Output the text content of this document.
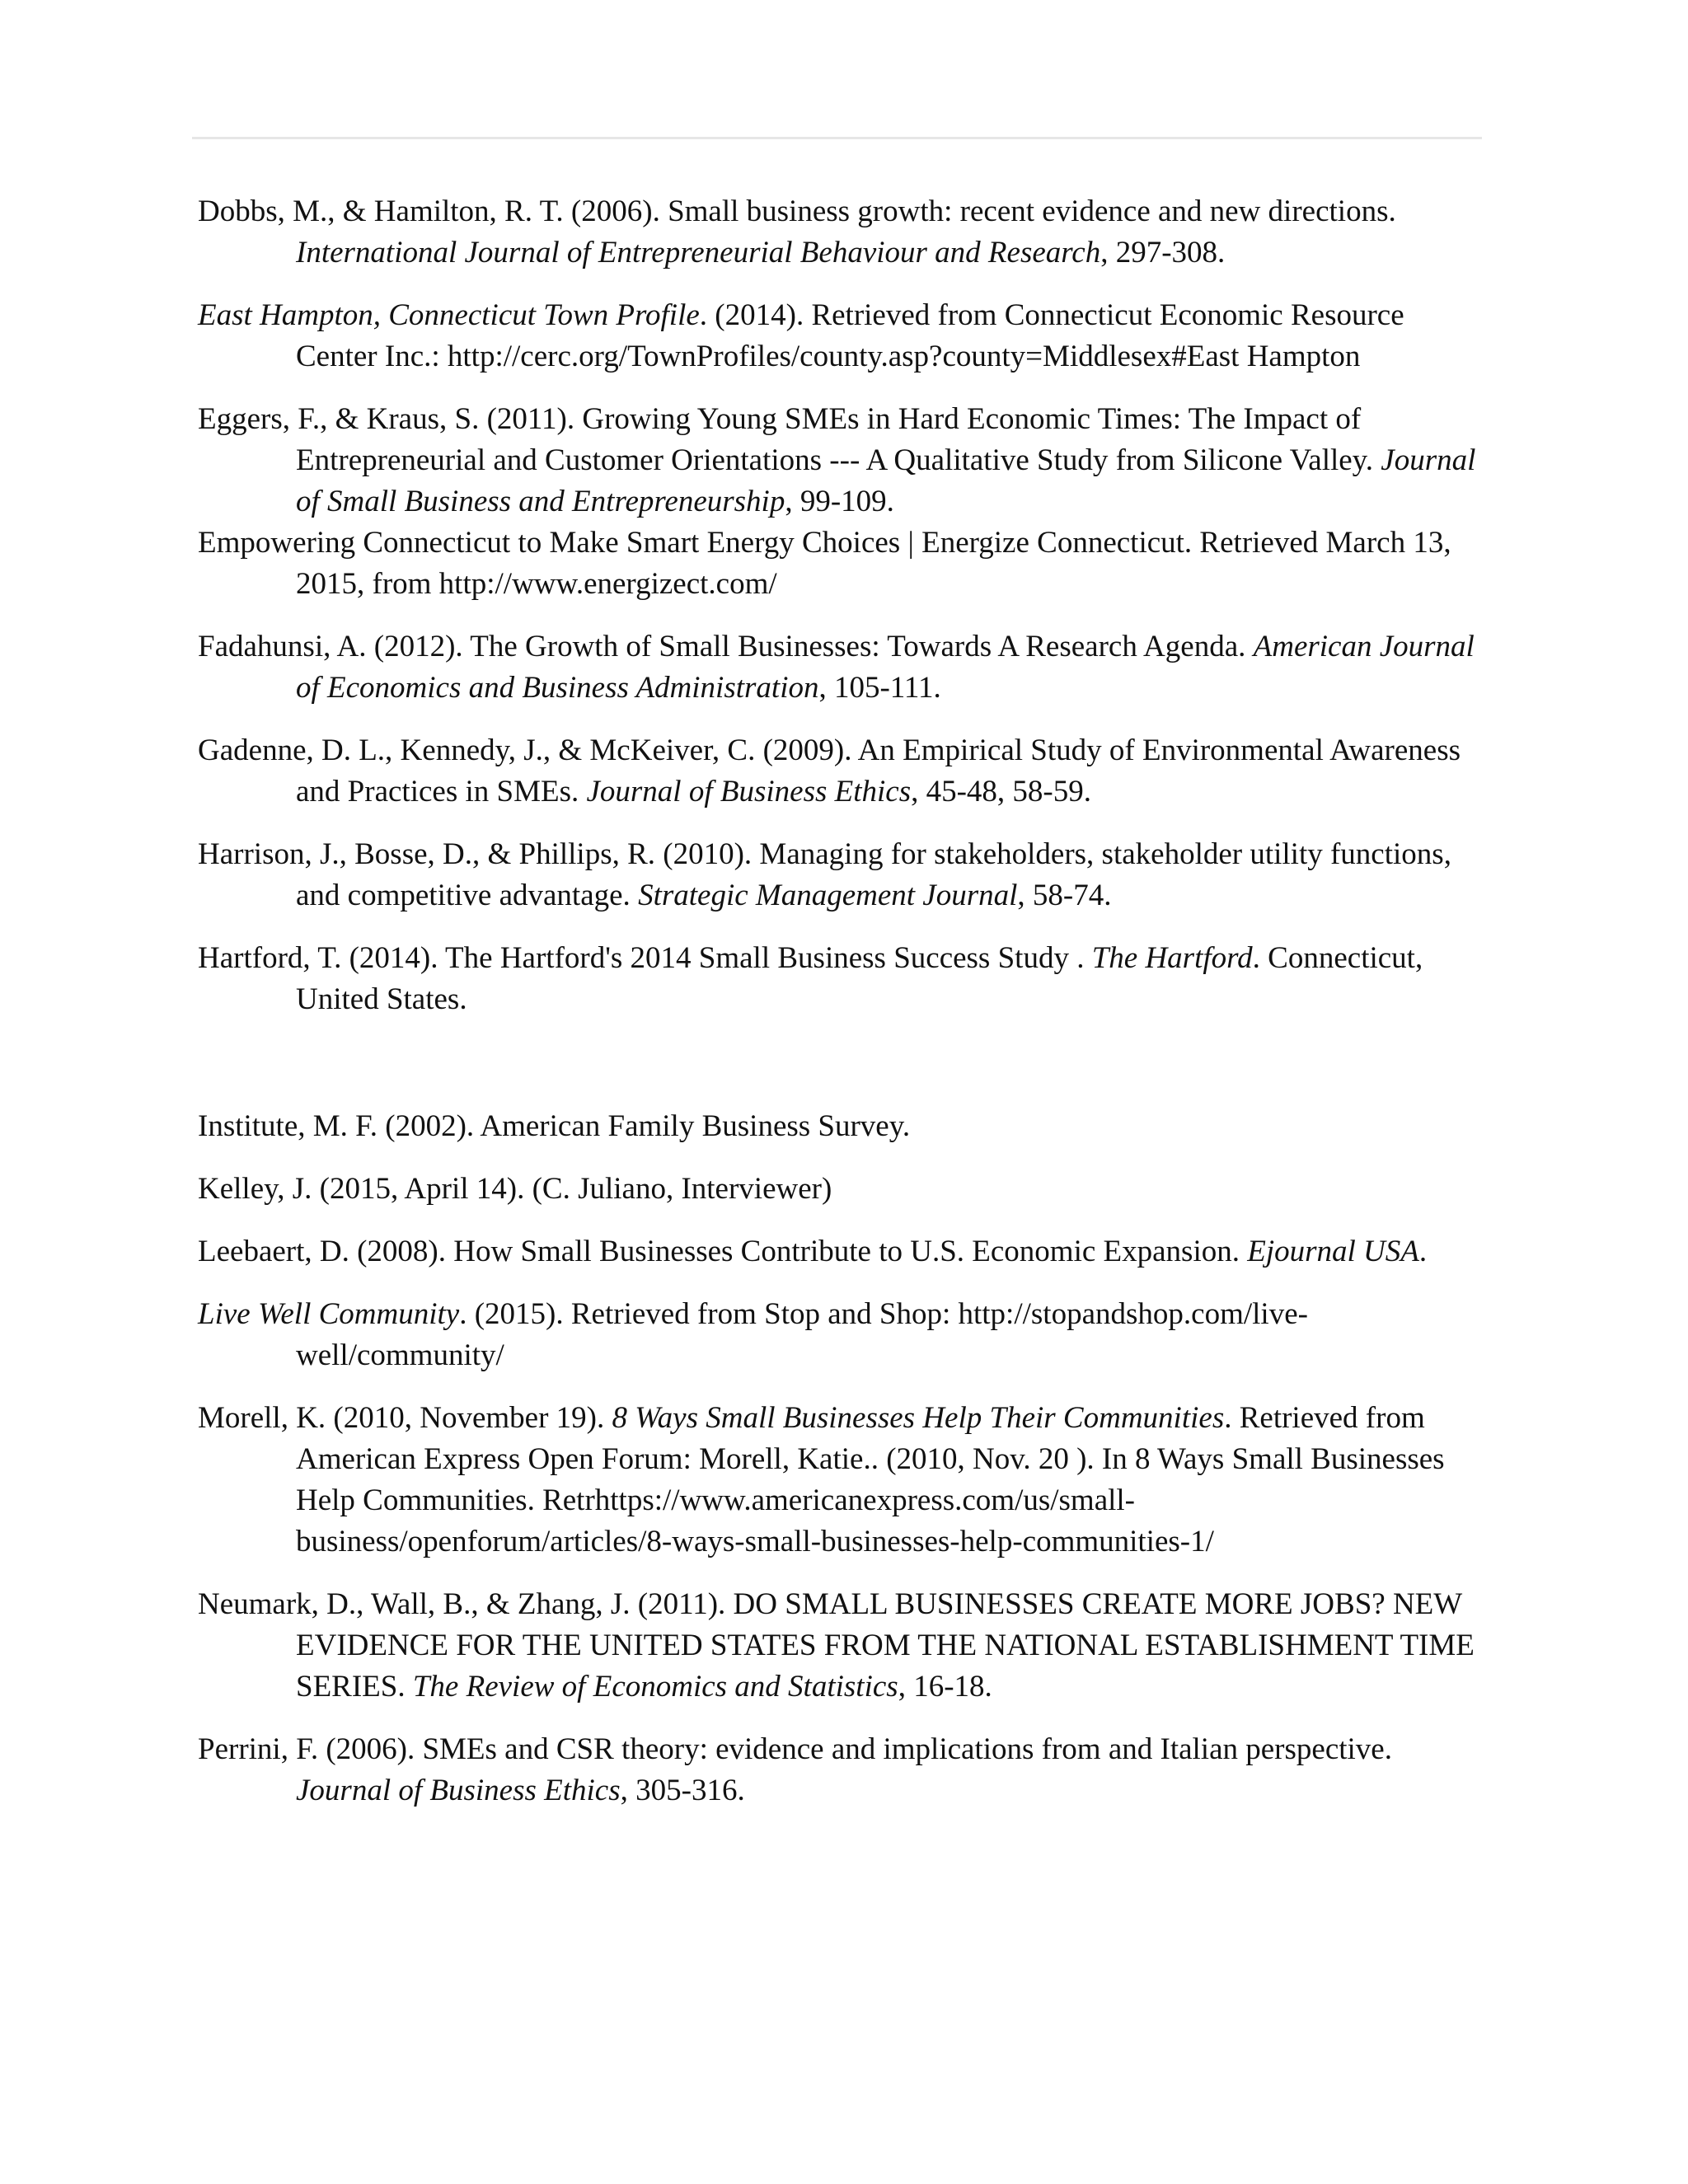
Dobbs, M., & Hamilton, R. T. (2006). Small business growth: recent evidence and new directions. International Journal of Entrepreneurial Behaviour and Research, 297-308.

East Hampton, Connecticut Town Profile. (2014). Retrieved from Connecticut Economic Resource Center Inc.: http://cerc.org/TownProfiles/county.asp?county=Middlesex#East Hampton

Eggers, F., & Kraus, S. (2011). Growing Young SMEs in Hard Economic Times: The Impact of Entrepreneurial and Customer Orientations --- A Qualitative Study from Silicone Valley. Journal of Small Business and Entrepreneurship, 99-109.

Empowering Connecticut to Make Smart Energy Choices | Energize Connecticut. Retrieved March 13, 2015, from http://www.energizect.com/

Fadahunsi, A. (2012). The Growth of Small Businesses: Towards A Research Agenda. American Journal of Economics and Business Administration, 105-111.

Gadenne, D. L., Kennedy, J., & McKeiver, C. (2009). An Empirical Study of Environmental Awareness and Practices in SMEs. Journal of Business Ethics, 45-48, 58-59.

Harrison, J., Bosse, D., & Phillips, R. (2010). Managing for stakeholders, stakeholder utility functions, and competitive advantage. Strategic Management Journal, 58-74.

Hartford, T. (2014). The Hartford's 2014 Small Business Success Study . The Hartford. Connecticut, United States.

Institute, M. F. (2002). American Family Business Survey.

Kelley, J. (2015, April 14). (C. Juliano, Interviewer)

Leebaert, D. (2008). How Small Businesses Contribute to U.S. Economic Expansion. Ejournal USA.

Live Well Community. (2015). Retrieved from Stop and Shop: http://stopandshop.com/live-well/community/

Morell, K. (2010, November 19). 8 Ways Small Businesses Help Their Communities. Retrieved from American Express Open Forum: Morell, Katie.. (2010, Nov. 20 ). In 8 Ways Small Businesses Help Communities. Retrhttps://www.americanexpress.com/us/small-business/openforum/articles/8-ways-small-businesses-help-communities-1/

Neumark, D., Wall, B., & Zhang, J. (2011). DO SMALL BUSINESSES CREATE MORE JOBS? NEW EVIDENCE FOR THE UNITED STATES FROM THE NATIONAL ESTABLISHMENT TIME SERIES. The Review of Economics and Statistics, 16-18.

Perrini, F. (2006). SMEs and CSR theory: evidence and implications from and Italian perspective. Journal of Business Ethics, 305-316.
